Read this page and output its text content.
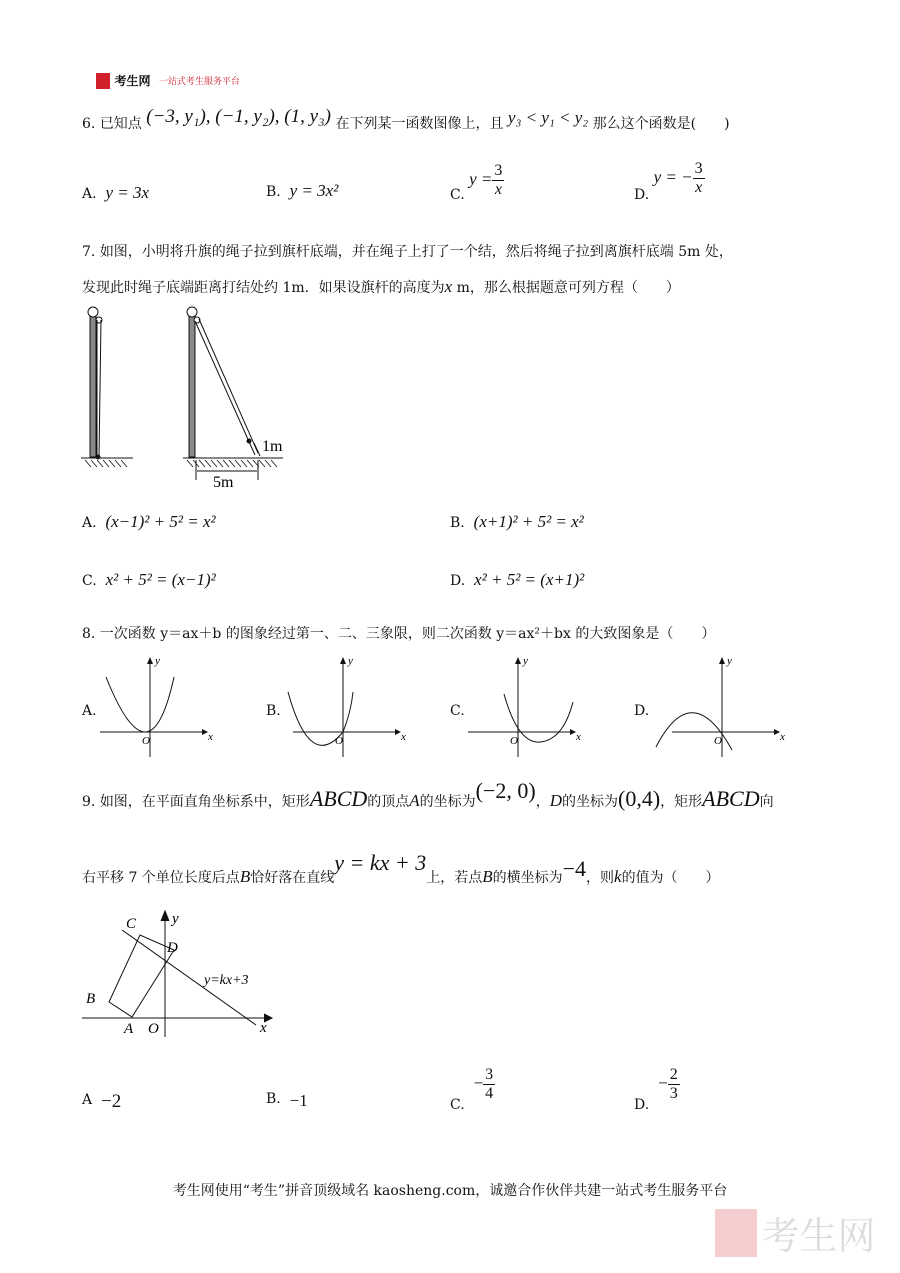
考生网 一站式考生服务平台
6. 已知点 (−3, y₁), (−1, y₂), (1, y₃) 在下列某一函数图像上，且 y₃ < y₁ < y₂ 那么这个函数是(　　)
A. y = 3x	B. y = 3x²	C. $y = \frac{3}{x}$	D. y = − $\frac{3}{x}$
7. 如图，小明将升旗的绳子拉到旗杆底端，并在绳子上打了一个结，然后将绳子拉到离旗杆底端 5m 处，
发现此时绳子底端距离打结处约 1m．如果设旗杆的高度为x m，那么根据题意可列方程（　　）
1m
5m
A. (x−1)² + 5² = x²	B. (x+1)² + 5² = x²
C. x² + 5² = (x−1)²	D. x² + 5² = (x+1)²
8. 一次函数 y＝ax＋b 的图象经过第一、二、三象限，则二次函数 y＝ax²＋bx 的大致图象是（　　）
A.
O	x
y
B.
O	x
y
C.
O	x
y
D.
O	x
y
9. 如图，在平面直角坐标系中，矩形ABCD的顶点A的坐标为(−2, 0)，D的坐标为(0,4)，矩形ABCD向
右平移 7 个单位长度后点B恰好落在直线y = kx + 3上，若点B的横坐标为−4，则k的值为（　　）
C
D
B
A O	x
y
y=kx+3
A −2	B. −1	C.  − $\frac{3}{4}$
D.  − $\frac{2}{3}$
考生网使用“考生”拼音顶级域名 kaosheng.com，诚邀合作伙伴共建一站式考生服务平台
考生网
